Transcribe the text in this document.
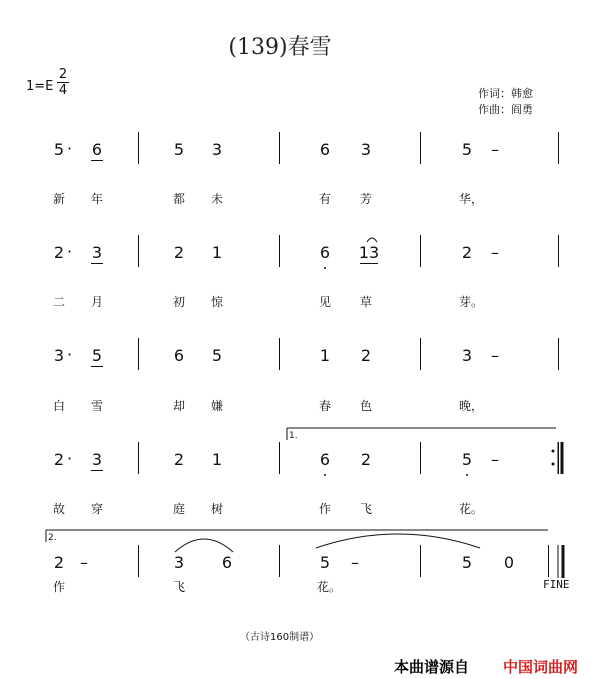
(139)春雪
1=E
2
4	作词：韩愈
作曲：阎勇
5 · 6	5 3	6 3	5	–
新 年	都 未	有 芳	华，
2 · 3	2 1	6 13	2	–
二 月	初 惊	见 草	芽。
3 · 5	6 5	1 2	3	–
白 雪	却 嫌	春 色	晚，
2 · 3	2 1	6 2	5	–
故 穿	庭 树	作 飞	花。
2 –	3 6	5	–	5 0
作	飞	花。	FINE
（古诗160制谱）
本曲谱源自 中国词曲网
1.
2.
